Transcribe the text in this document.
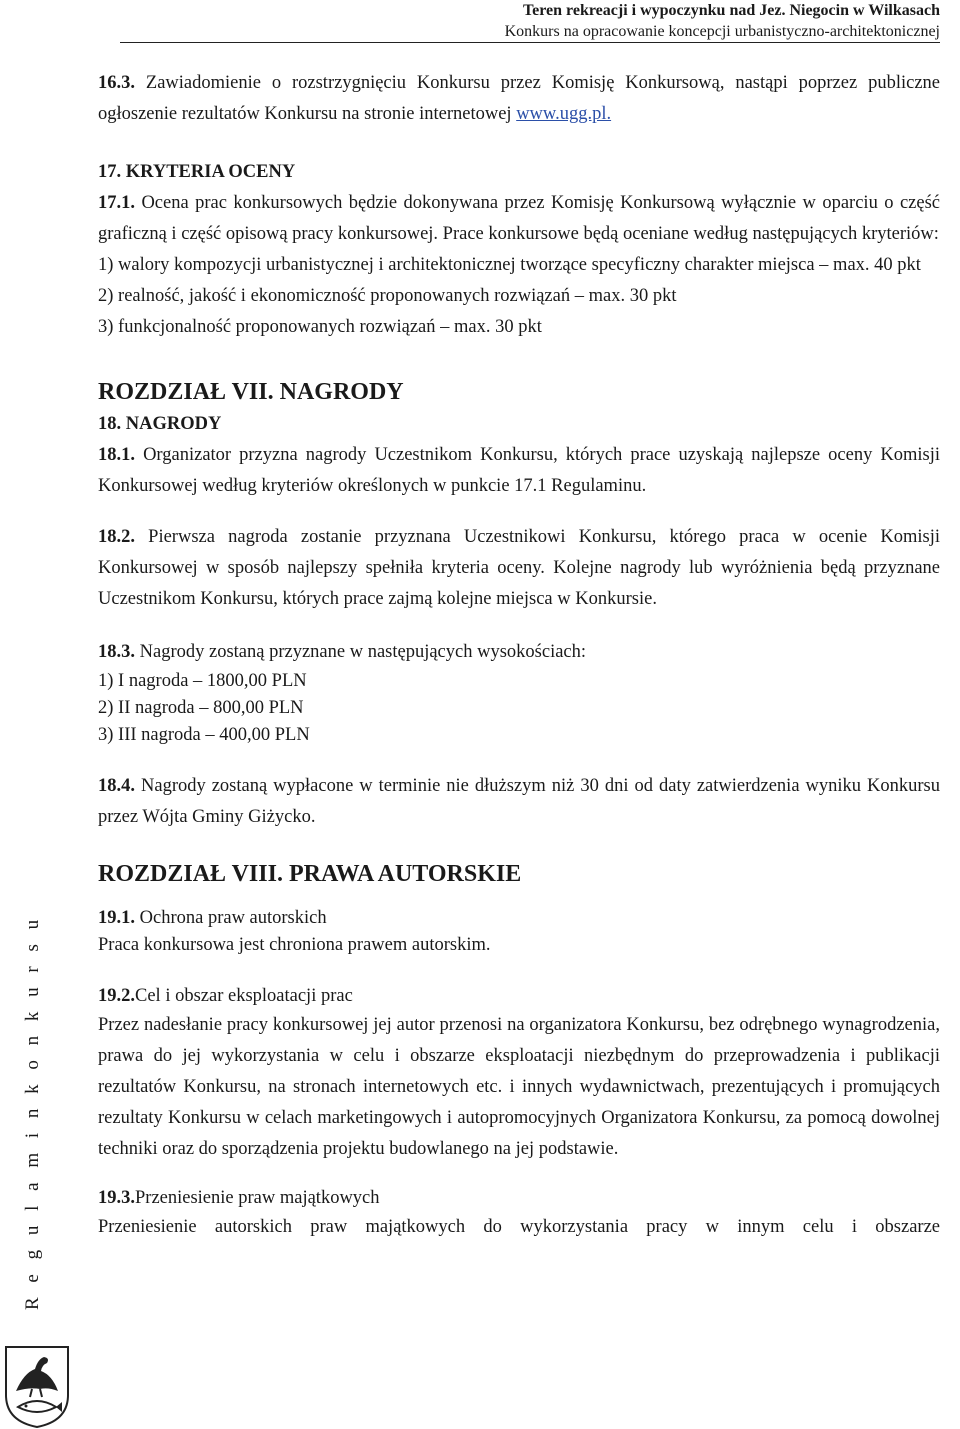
Teren rekreacji i wypoczynku nad Jez. Niegocin w Wilkasach
Konkurs na opracowanie koncepcji urbanistyczno-architektonicznej
R e g u l a m i n k o n k u r s u

16.3. Zawiadomienie o rozstrzygnięciu Konkursu przez Komisję Konkursową, nastąpi poprzez publiczne ogłoszenie rezultatów Konkursu na stronie internetowej www.ugg.pl.

17. KRYTERIA OCENY

17.1. Ocena prac konkursowych będzie dokonywana przez Komisję Konkursową wyłącznie w oparciu o część graficzną i część opisową pracy konkursowej. Prace konkursowe będą oceniane według następujących kryteriów:

1) walory kompozycji urbanistycznej i architektonicznej tworzące specyficzny charakter miejsca – max. 40 pkt

2) realność, jakość i ekonomiczność proponowanych rozwiązań – max. 30 pkt

3) funkcjonalność proponowanych rozwiązań – max. 30 pkt

ROZDZIAŁ VII. NAGRODY

18. NAGRODY

18.1. Organizator przyzna nagrody Uczestnikom Konkursu, których prace uzyskają najlepsze oceny Komisji Konkursowej według kryteriów określonych w punkcie 17.1 Regulaminu.

18.2. Pierwsza nagroda zostanie przyznana Uczestnikowi Konkursu, którego praca w ocenie Komisji Konkursowej w sposób najlepszy spełniła kryteria oceny. Kolejne nagrody lub wyróżnienia będą przyznane Uczestnikom Konkursu, których prace zajmą kolejne miejsca w Konkursie.

18.3. Nagrody zostaną przyznane w następujących wysokościach:

1) I nagroda – 1800,00 PLN

2) II nagroda – 800,00 PLN

3) III nagroda – 400,00 PLN

18.4. Nagrody zostaną wypłacone w terminie nie dłuższym niż 30 dni od daty zatwierdzenia wyniku Konkursu przez Wójta Gminy Giżycko.

ROZDZIAŁ VIII. PRAWA AUTORSKIE

19.1. Ochrona praw autorskich

Praca konkursowa jest chroniona prawem autorskim.

19.2.Cel i obszar eksploatacji prac

Przez nadesłanie pracy konkursowej jej autor przenosi na organizatora Konkursu, bez odrębnego wynagrodzenia, prawa do jej wykorzystania w celu i obszarze eksploatacji niezbędnym do przeprowadzenia i publikacji rezultatów Konkursu, na stronach internetowych etc. i innych wydawnictwach, prezentujących i promujących rezultaty Konkursu w celach marketingowych i autopromocyjnych Organizatora Konkursu, za pomocą dowolnej techniki oraz do sporządzenia projektu budowlanego na jej podstawie.

19.3.Przeniesienie praw majątkowych

Przeniesienie autorskich praw majątkowych do wykorzystania pracy w innym celu i obszarze
